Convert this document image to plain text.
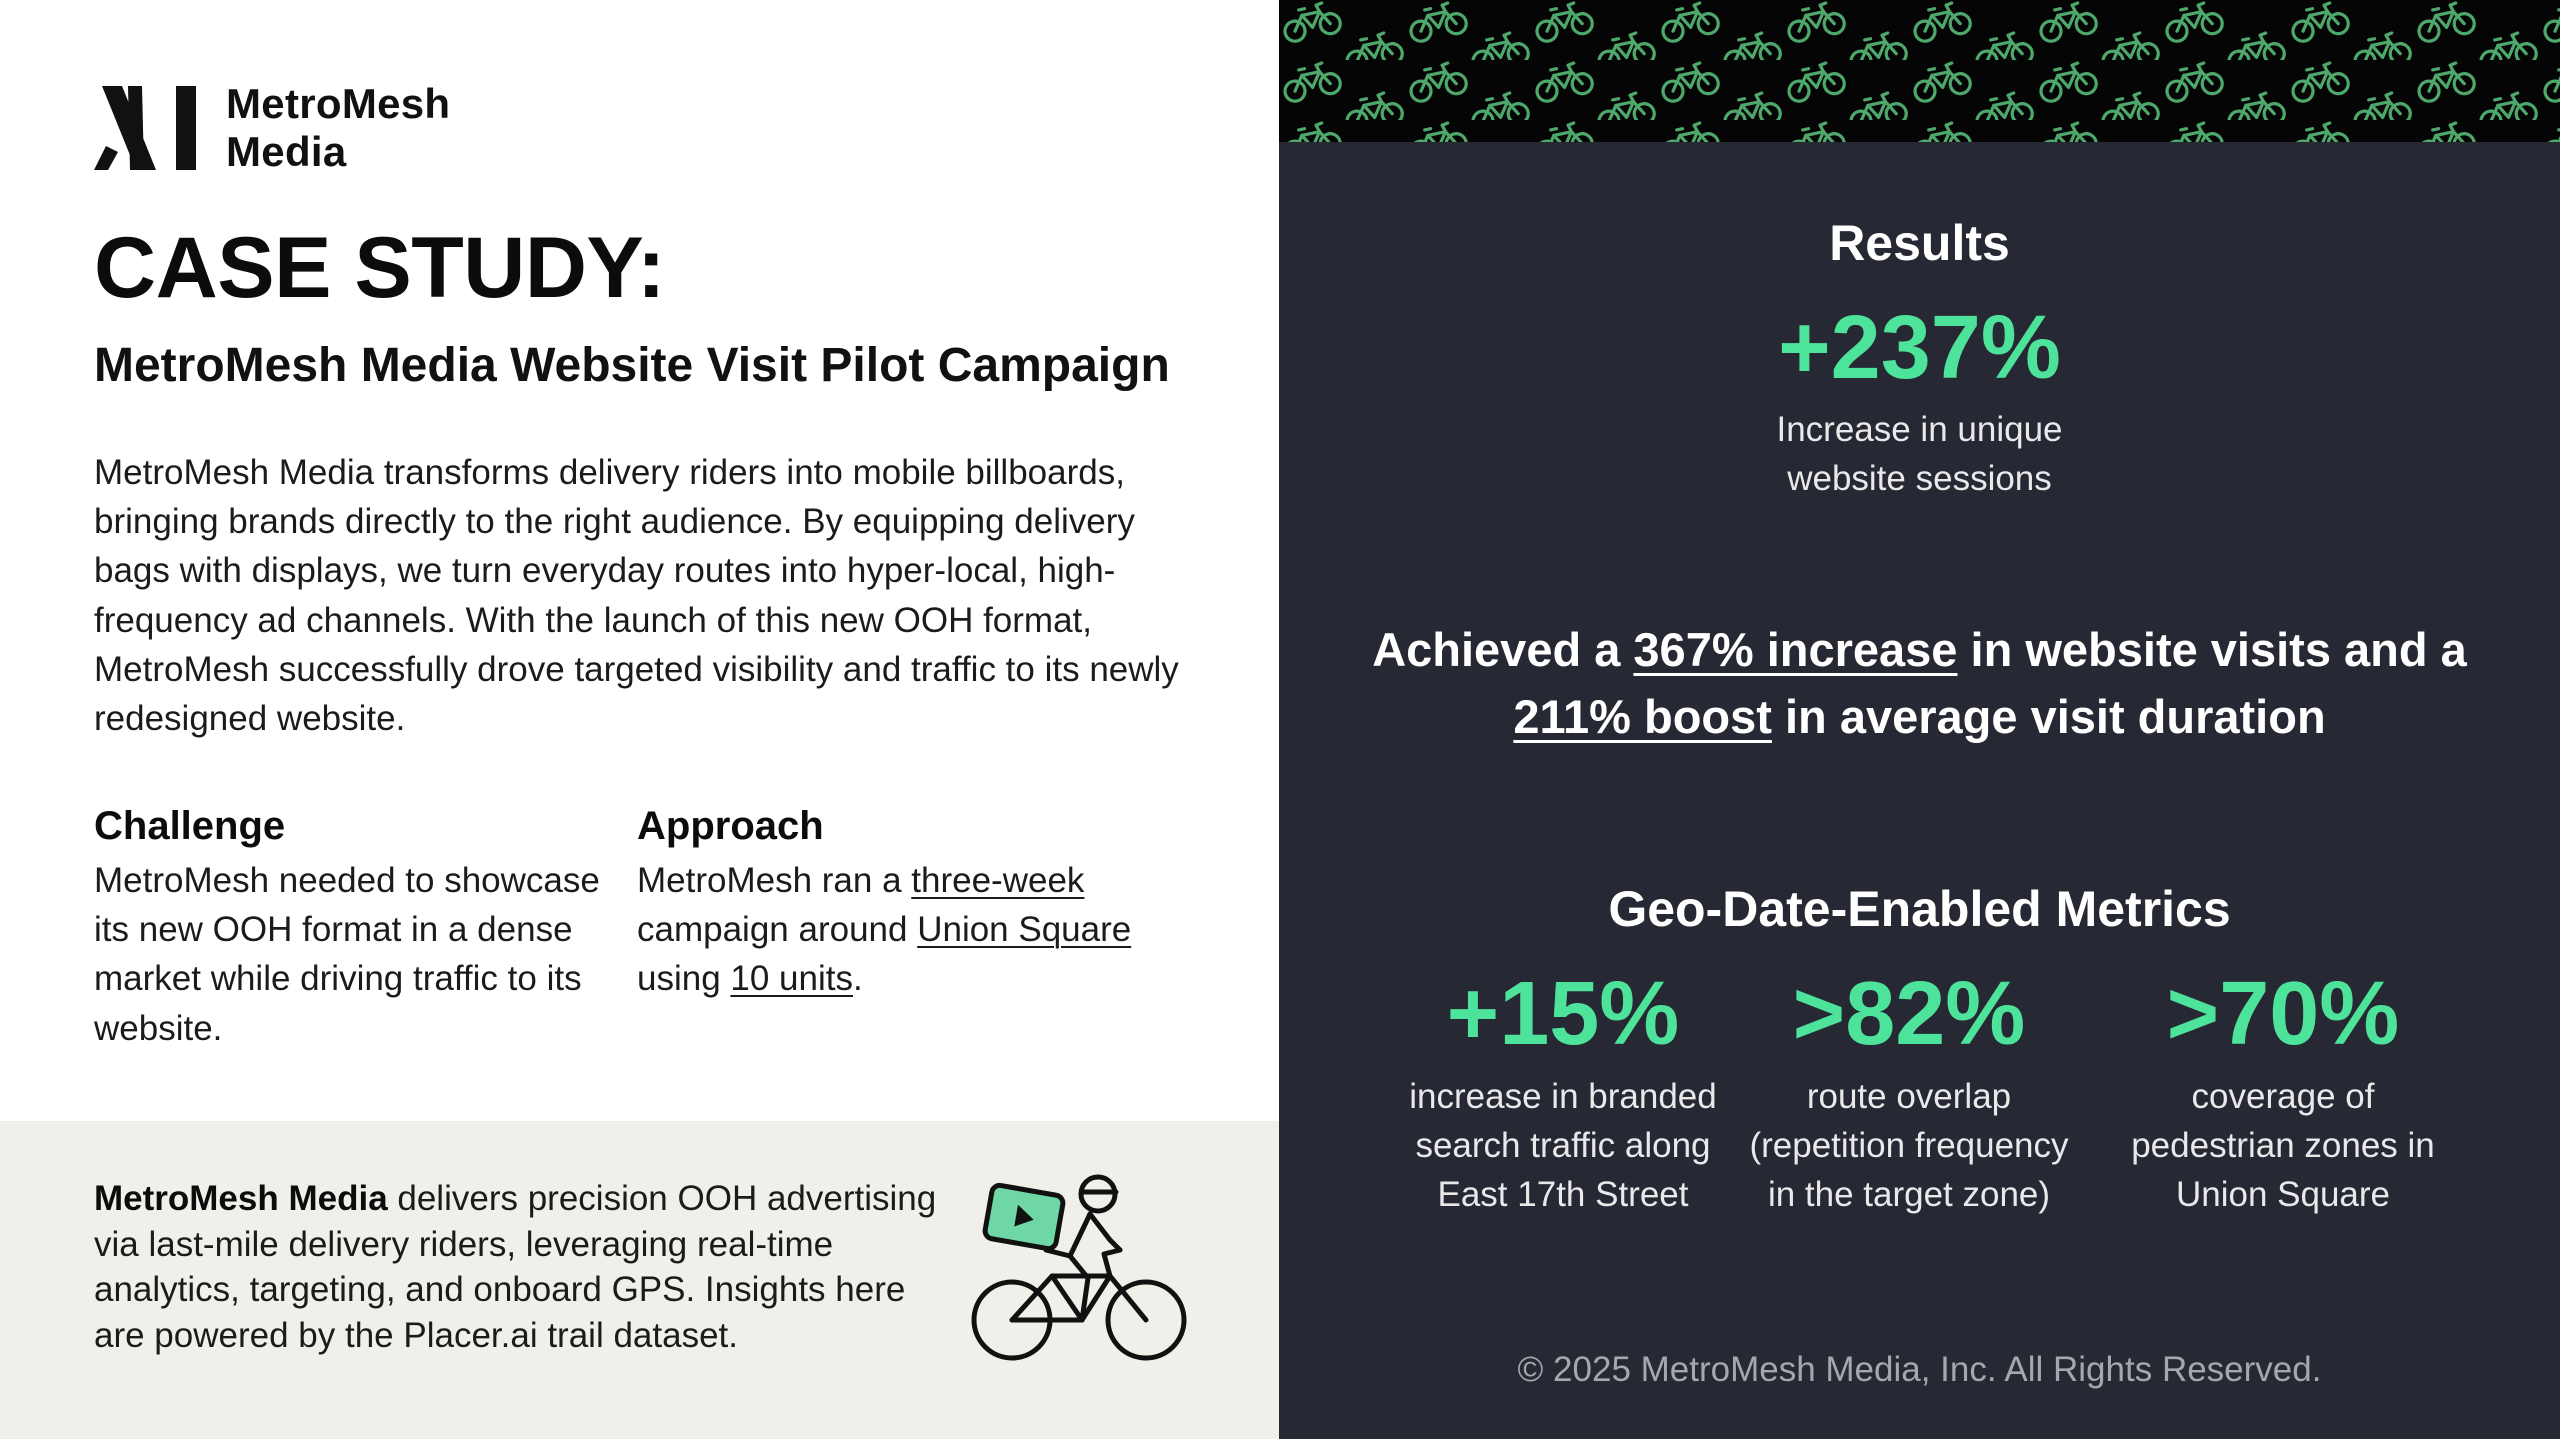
MetroMesh
Media
CASE STUDY:
MetroMesh Media Website Visit Pilot Campaign

MetroMesh Media transforms delivery riders into mobile billboards, bringing brands directly to the right audience. By equipping delivery bags with displays, we turn everyday routes into hyper-local, high-frequency ad channels. With the launch of this new OOH format, MetroMesh successfully drove targeted visibility and traffic to its newly redesigned website.

Challenge

MetroMesh needed to showcase its new OOH format in a dense market while driving traffic to its website.

Approach

MetroMesh ran a three-week campaign around Union Square using 10 units.

MetroMesh Media delivers precision OOH advertising via last-mile delivery riders, leveraging real-time analytics, targeting, and onboard GPS. Insights here are powered by the Placer.ai trail dataset.

Results
+237%
Increase in unique
website sessions
Achieved a 367% increase in website visits and a
211% boost in average visit duration
Geo-Date-Enabled Metrics
+15%
increase in branded
search traffic along
East 17th Street
>82%
route overlap
(repetition frequency
in the target zone)
>70%
coverage of
pedestrian zones in
Union Square
© 2025 MetroMesh Media, Inc. All Rights Reserved.
